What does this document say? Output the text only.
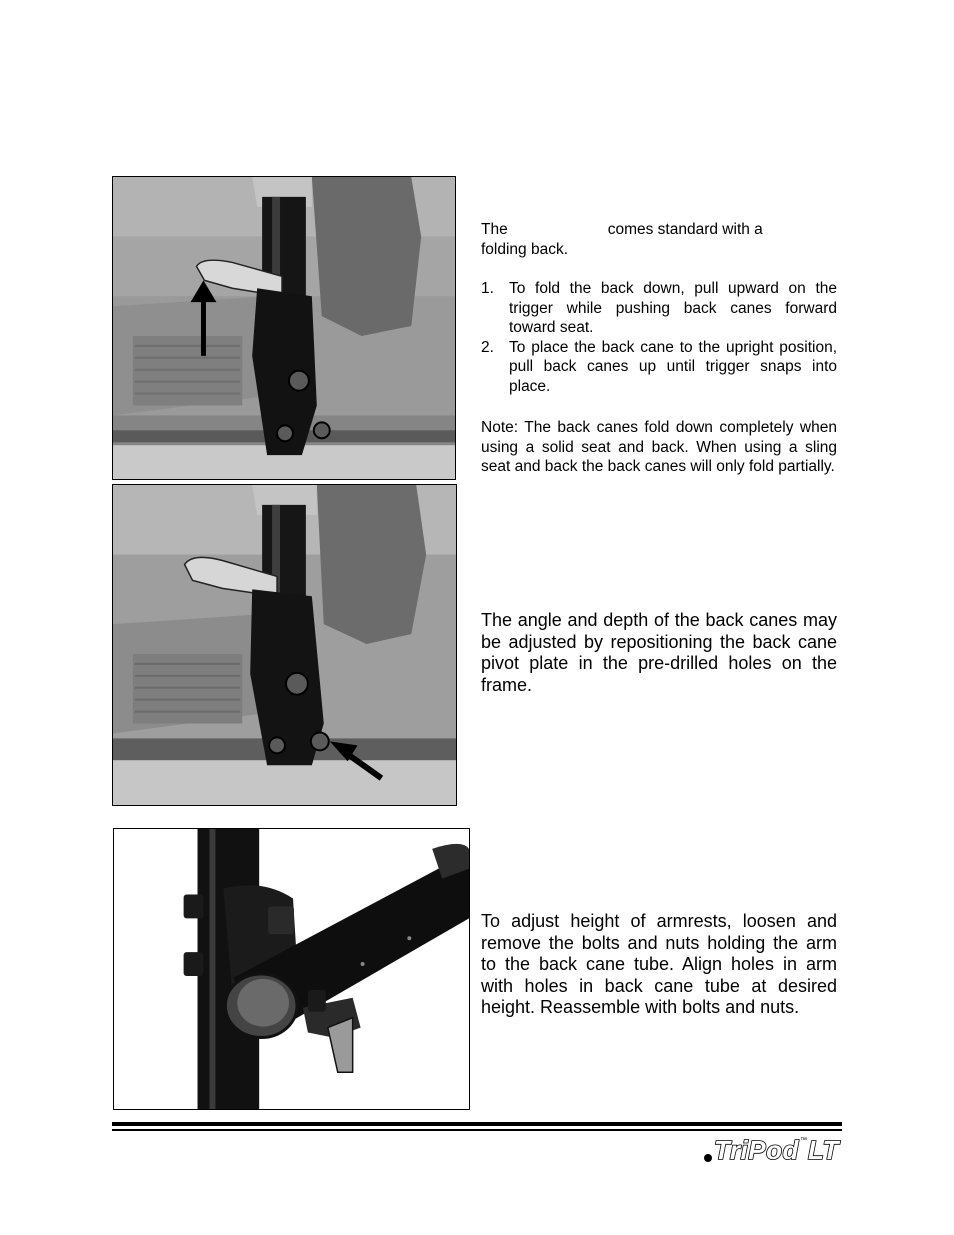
The	comes standard with a
folding back.
1. To fold the back down, pull upward on the trigger while pushing back canes forward toward seat.
2. To place the back cane to the upright position, pull back canes up until trigger snaps into place.
Note: The back canes fold down completely when using a solid seat and back. When using a sling seat and back the back canes will only fold partially.
The angle and depth of the back canes may be adjusted by repositioning the back cane pivot plate in the pre-drilled holes on the frame.
To adjust height of armrests, loosen and remove the bolts and nuts holding the arm to the back cane tube. Align holes in arm with holes in back cane tube at desired height. Reassemble with bolts and nuts.
TriPod ™ LT
